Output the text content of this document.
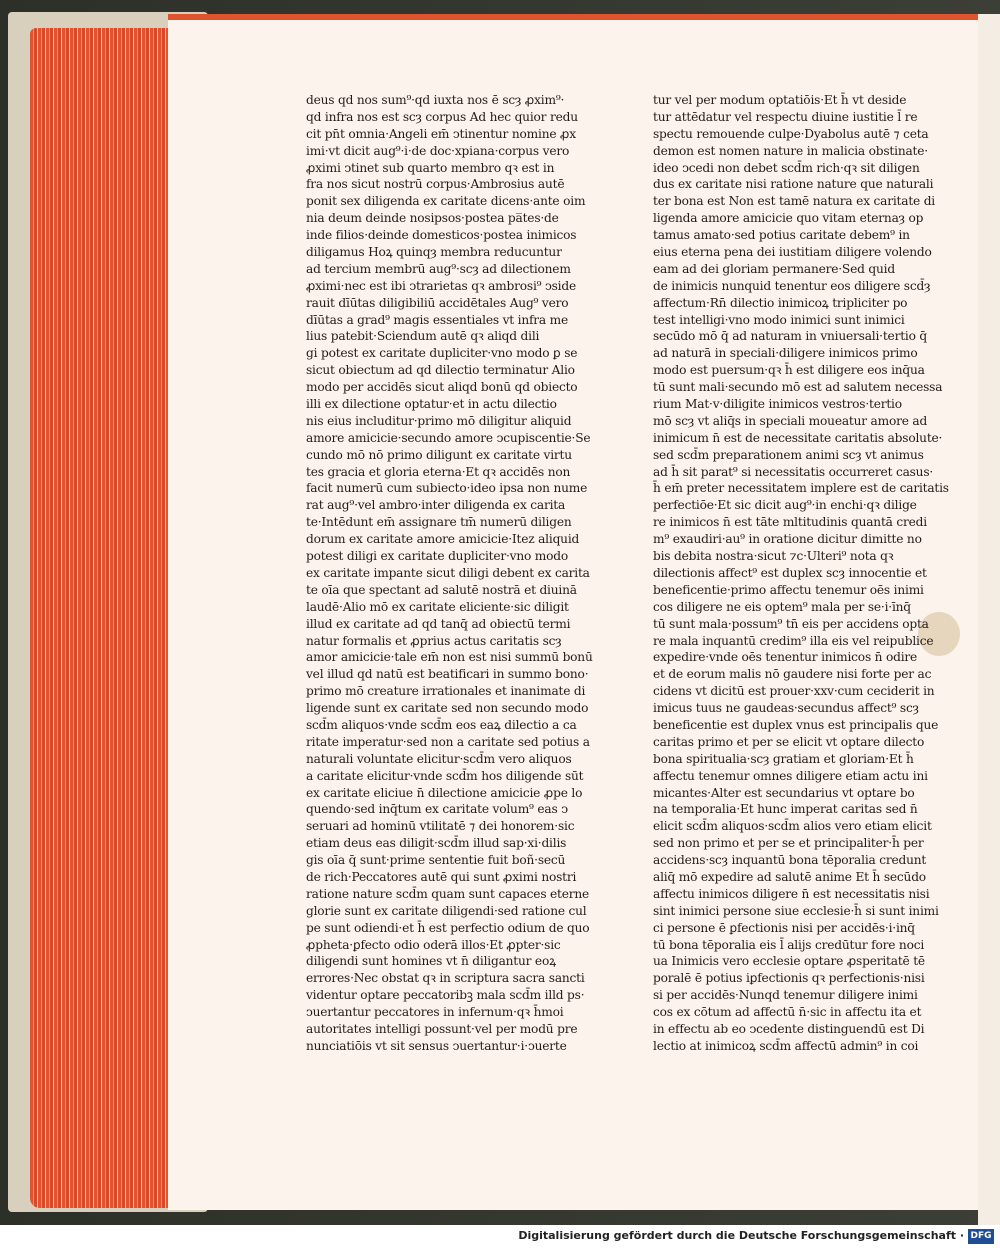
deus qd nos sum⁹·qd iuxta nos ē scȝ ꝓxim⁹·
qd infra nos est scȝ corpus Ad hec quior redu
cit pn̄t omnia·Angeli em̄ ↄtinentur nomine ꝓx
imi·vt dicit aug⁹·i·de doc·xpiana·corpus vero
ꝓximi ↄtinet sub quarto membro qꝛ est in
fra nos sicut nostrū corpus·Ambrosius autē
ponit sex diligenda ex caritate dicens·ante oim
nia deum deinde nosipsos·postea pa̅tes·de
inde filios·deinde domesticos·postea inimicos
diligamus Hoꝝ quinqȝ membra reducuntur
ad tercium membrū aug⁹·scȝ ad dilectionem
ꝓximi·nec est ibi ↄtrarietas qꝛ ambrosi⁹ ↄside
rauit dīūtas diligibiliū accidētales Aug⁹ vero
dīūtas a grad⁹ magis essentiales vt infra me
lius patebit·Sciendum autē qꝛ aliqd dili
gi potest ex caritate dupliciter·vno modo ꝑ se
sicut obiectum ad qd dilectio terminatur Alio
modo per accidēs sicut aliqd bonū qd obiecto
illi ex dilectione optatur·et in actu dilectio
nis eius includitur·primo mō diligitur aliquid
amore amicicie·secundo amore ↄcupiscentie·Se
cundo mō nō primo diligunt ex caritate virtu
tes gracia et gloria eterna·Et qꝛ accidēs non
facit numerū cum subiecto·ideo ipsa non nume
rat aug⁹·vel ambro·inter diligenda ex carita
te·Intēdunt em̄ assignare tm̄ numerū diligen
dorum ex caritate amore amicicie·Itez aliquid
potest diligi ex caritate dupliciter·vno modo
ex caritate impante sicut diligi debent ex carita
te oīa que spectant ad salutē nostrā et diuinā
laudē·Alio mō ex caritate eliciente·sic diligit
illud ex caritate ad qd tanq̄ ad obiectū termi
natur formalis et ꝓprius actus caritatis scȝ
amor amicicie·tale em̄ non est nisi summū bonū
vel illud qd natū est beatificari in summo bono·
primo mō creature irrationales et inanimate di
ligende sunt ex caritate sed non secundo modo
scd̄m aliquos·vnde scd̄m eos eaꝝ dilectio a ca
ritate imperatur·sed non a caritate sed potius a
naturali voluntate elicitur·scd̄m vero aliquos
a caritate elicitur·vnde scd̄m hos diligende sūt
ex caritate eliciue n̄ dilectione amicicie ꝓpe lo
quendo·sed inq̄tum ex caritate volum⁹ eas ↄ
seruari ad hominū vtilitatē ⁊ dei honorem·sic
etiam deus eas diligit·scd̄m illud sap·xi·dilis
gis oīa q̄ sunt·prime sententie fuit boñ·secū
de rich·Peccatores autē qui sunt ꝓximi nostri
ratione nature scd̄m quam sunt capaces eterne
glorie sunt ex caritate diligendi·sed ratione cul
pe sunt odiendi·et h̄ est perfectio odium de quo
ꝓpheta·ꝑfecto odio oderā illos·Et ꝓpter·sic
diligendi sunt homines vt n̄ diligantur eoꝝ
errores·Nec obstat qꝛ in scriptura sacra sancti
videntur optare peccatoribꝫ mala scd̄m illd ps·
ↄuertantur peccatores in infernum·qꝛ h̄moi
autoritates intelligi possunt·vel per modū pre
nunciatiōis vt sit sensus ↄuertantur·i·ↄuerte
tur vel per modum optatiōis·Et h̄ vt deside
tur attēdatur vel respectu diuine iustitie l̄ re
spectu remouende culpe·Dyabolus autē ⁊ ceta
demon est nomen nature in malicia obstinate·
ideo ↄcedi non debet scd̄m rich·qꝛ sit diligen
dus ex caritate nisi ratione nature que naturali
ter bona est Non est tamē natura ex caritate di
ligenda amore amicicie quo vitam eternaȝ op
tamus amato·sed potius caritate debem⁹ in
eius eterna pena dei iustitiam diligere volendo
eam ad dei gloriam permanere·Sed quid
de inimicis nunquid tenentur eos diligere scd̄ȝ
affectum·Rn̄ dilectio inimicoꝝ tripliciter po
test intelligi·vno modo inimici sunt inimici
secūdo mō q̄ ad naturam in vniuersali·tertio q̄
ad naturā in speciali·diligere inimicos primo
modo est puersum·qꝛ h̄ est diligere eos inq̄ua
tū sunt mali·secundo mō est ad salutem necessa
rium Mat·v·diligite inimicos vestros·tertio
mō scȝ vt aliq̄s in speciali moueatur amore ad
inimicum n̄ est de necessitate caritatis absolute·
sed scd̄m preparationem animi scȝ vt animus
ad h̄ sit parat⁹ si necessitatis occurreret casus·
h̄ em̄ preter necessitatem implere est de caritatis
perfectiōe·Et sic dicit aug⁹·in enchi·qꝛ dilige
re inimicos n̄ est tāte mltitudinis quantā credi
m⁹ exaudiri·au⁹ in oratione dicitur dimitte no
bis debita nostra·sicut ⁊c·Ulteri⁹ nota qꝛ
dilectionis affect⁹ est duplex scȝ innocentie et
beneficentie·primo affectu tenemur oēs inimi
cos diligere ne eis optem⁹ mala per se·i·īnq̄
tū sunt mala·possum⁹ tn̄ eis per accidens opta
re mala inquantū credim⁹ illa eis vel reipublice
expedire·vnde oēs tenentur inimicos n̄ odire
et de eorum malis nō gaudere nisi forte per ac
cidens vt dicitū est prouer·xxv·cum ceciderit in
imicus tuus ne gaudeas·secundus affect⁹ scȝ
beneficentie est duplex vnus est principalis que
caritas primo et per se elicit vt optare dilecto
bona spiritualia·scȝ gratiam et gloriam·Et h̄
affectu tenemur omnes diligere etiam actu ini
micantes·Alter est secundarius vt optare bo
na temporalia·Et hunc imperat caritas sed n̄
elicit scd̄m aliquos·scd̄m alios vero etiam elicit
sed non primo et per se et principaliter·h̄ per
accidens·scȝ inquantū bona tēporalia credunt
aliq̄ mō expedire ad salutē anime Et h̄ secūdo
affectu inimicos diligere n̄ est necessitatis nisi
sint inimici persone siue ecclesie·h̄ si sunt inimi
ci persone ē ꝑfectionis nisi per accidēs·i·inq̄
tū bona tēporalia eis l̄ alijs credūtur fore noci
ua Inimicis vero ecclesie optare ꝓsperitatē tē
poralē ē potius iꝑfectionis qꝛ perfectionis·nisi
si per accidēs·Nunqd tenemur diligere inimi
cos ex cōtum ad affectū n̄·sic in affectu ita et
in effectu ab eo ↄcedente distinguendū est Di
lectio at inimicoꝝ scd̄m affectū admin⁹ in coi
Digitalisierung gefördert durch die Deutsche Forschungsgemeinschaft · DFG
